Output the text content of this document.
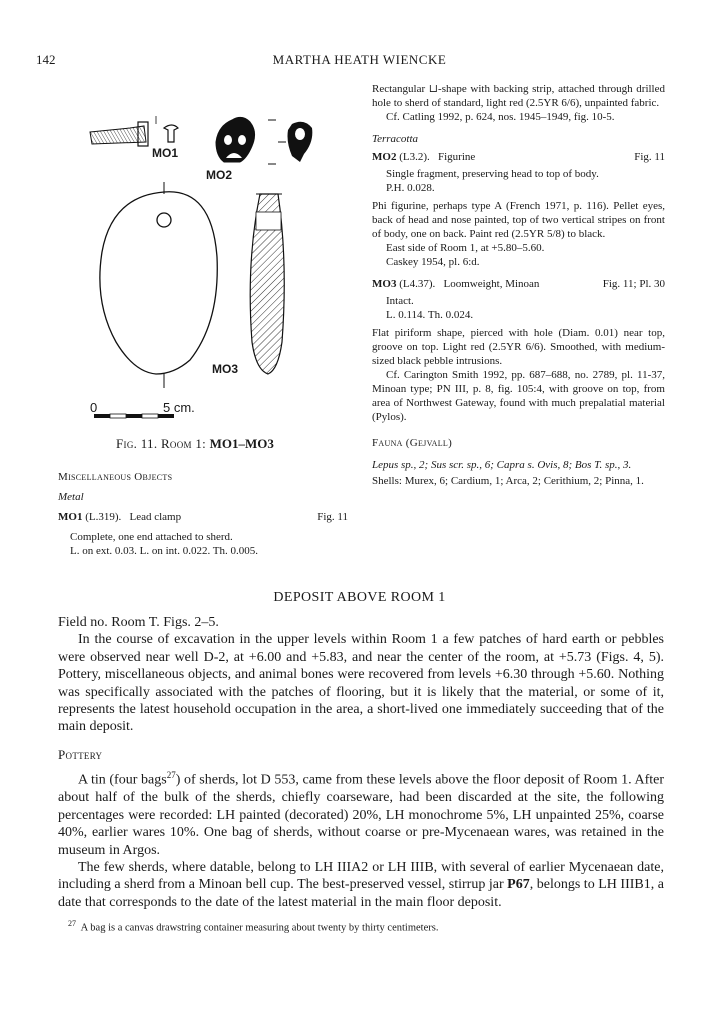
142	MARTHA HEATH WIENCKE
MO1
MO2
MO3
0	5 cm.
Fig. 11. Room 1: MO1–MO3

Miscellaneous Objects

Metal

MO1 (L.319). Lead clamp	Fig. 11

Complete, one end attached to sherd.

L. on ext. 0.03. L. on int. 0.022. Th. 0.005.

Rectangular ⊔-shape with backing strip, attached through drilled hole to sherd of standard, light red (2.5YR 6/6), unpainted fabric.

Cf. Catling 1992, p. 624, nos. 1945–1949, fig. 10-5.

Terracotta

MO2 (L3.2). Figurine	Fig. 11

Single fragment, preserving head to top of body.

P.H. 0.028.

Phi figurine, perhaps type A (French 1971, p. 116). Pellet eyes, back of head and nose painted, top of two vertical stripes on front of body, one on back. Paint red (2.5YR 5/8) to black.

East side of Room 1, at +5.80–5.60.

Caskey 1954, pl. 6:d.

MO3 (L4.37). Loomweight, Minoan	Fig. 11; Pl. 30

Intact.

L. 0.114. Th. 0.024.

Flat piriform shape, pierced with hole (Diam. 0.01) near top, groove on top. Light red (2.5YR 6/6). Smoothed, with medium-sized black pebble intrusions.

Cf. Carington Smith 1992, pp. 687–688, no. 2789, pl. 11-37, Minoan type; PN III, p. 8, fig. 105:4, with groove on top, from area of Northwest Gateway, found with much prepalatial material (Pylos).

Fauna (Gejvall)

Lepus sp., 2; Sus scr. sp., 6; Capra s. Ovis, 8; Bos T. sp., 3.

Shells: Murex, 6; Cardium, 1; Arca, 2; Cerithium, 2; Pinna, 1.

DEPOSIT ABOVE ROOM 1

Field no. Room T. Figs. 2–5.

In the course of excavation in the upper levels within Room 1 a few patches of hard earth or pebbles were observed near well D-2, at +6.00 and +5.83, and near the center of the room, at +5.73 (Figs. 4, 5). Pottery, miscellaneous objects, and animal bones were recovered from levels +6.30 through +5.60. Nothing was specifically associated with the patches of flooring, but it is likely that the material, or some of it, represents the latest household occupation in the area, a short-lived one immediately succeeding that of the main deposit.

Pottery

A tin (four bags$^{27}$) of sherds, lot D 553, came from these levels above the floor deposit of Room 1. After about half of the bulk of the sherds, chiefly coarseware, had been discarded at the site, the following percentages were recorded: LH painted (decorated) 20%, LH monochrome 5%, LH unpainted 25%, coarse 40%, earlier wares 10%. One bag of sherds, without coarse or pre-Mycenaean wares, was retained in the museum in Argos.

The few sherds, where datable, belong to LH IIIA2 or LH IIIB, with several of earlier Mycenaean date, including a sherd from a Minoan bell cup. The best-preserved vessel, stirrup jar P67, belongs to LH IIIB1, a date that corresponds to the date of the latest material in the main floor deposit.

$^{27}$ A bag is a canvas drawstring container measuring about twenty by thirty centimeters.
